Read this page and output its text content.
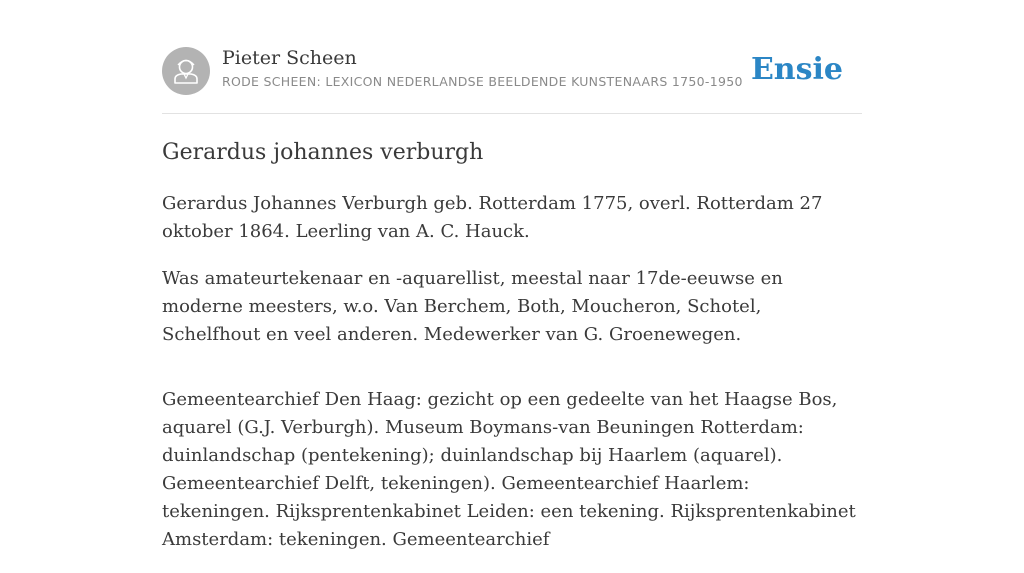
Pieter Scheen
RODE SCHEEN: LEXICON NEDERLANDSE BEELDENDE KUNSTENAARS 1750-1950 Ensie
Gerardus johannes verburgh

Gerardus Johannes Verburgh geb. Rotterdam 1775, overl. Rotterdam 27 oktober 1864. Leerling van A. C. Hauck.

Was amateurtekenaar en -aquarellist, meestal naar 17de-eeuwse en moderne meesters, w.o. Van Berchem, Both, Moucheron, Schotel, Schelfhout en veel anderen. Medewerker van G. Groenewegen.

Gemeentearchief Den Haag: gezicht op een gedeelte van het Haagse Bos, aquarel (G.J. Verburgh). Museum Boymans-van Beuningen Rotterdam: duinlandschap (pentekening); duinlandschap bij Haarlem (aquarel). Gemeentearchief Delft, tekeningen). Gemeentearchief Haarlem: tekeningen. Rijksprentenkabinet Leiden: een tekening. Rijksprentenkabinet Amsterdam: tekeningen. Gemeentearchief
